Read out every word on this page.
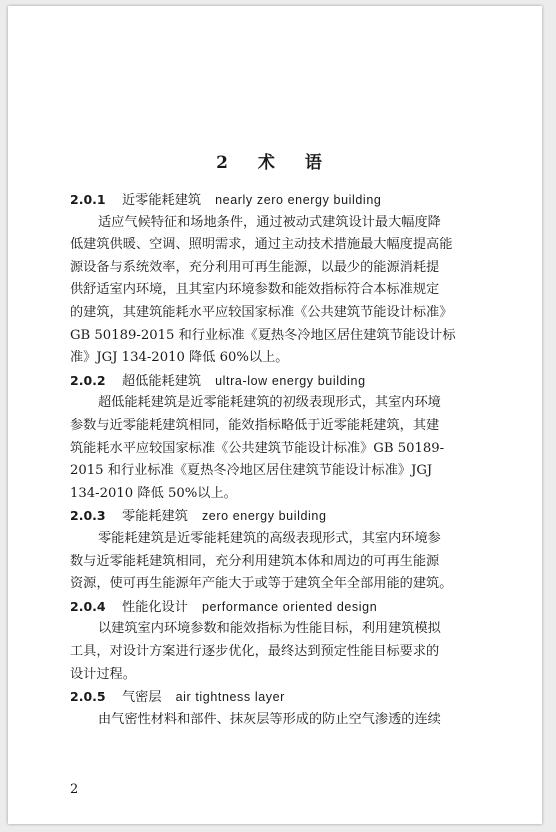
2 术 语
2.0.1 近零能耗建筑 nearly zero energy building
适应气候特征和场地条件，通过被动式建筑设计最大幅度降
低建筑供暖、空调、照明需求，通过主动技术措施最大幅度提高能
源设备与系统效率，充分利用可再生能源，以最少的能源消耗提
供舒适室内环境，且其室内环境参数和能效指标符合本标准规定
的建筑，其建筑能耗水平应较国家标准《公共建筑节能设计标准》
GB 50189-2015 和行业标准《夏热冬冷地区居住建筑节能设计标
准》JGJ 134-2010 降低 60%以上。
2.0.2 超低能耗建筑 ultra-low energy building
超低能耗建筑是近零能耗建筑的初级表现形式，其室内环境
参数与近零能耗建筑相同，能效指标略低于近零能耗建筑，其建
筑能耗水平应较国家标准《公共建筑节能设计标准》GB 50189-
2015 和行业标准《夏热冬冷地区居住建筑节能设计标准》JGJ
134-2010 降低 50%以上。
2.0.3 零能耗建筑 zero energy building
零能耗建筑是近零能耗建筑的高级表现形式，其室内环境参
数与近零能耗建筑相同，充分利用建筑本体和周边的可再生能源
资源，使可再生能源年产能大于或等于建筑全年全部用能的建筑。
2.0.4 性能化设计 performance oriented design
以建筑室内环境参数和能效指标为性能目标，利用建筑模拟
工具，对设计方案进行逐步优化，最终达到预定性能目标要求的
设计过程。
2.0.5 气密层 air tightness layer
由气密性材料和部件、抹灰层等形成的防止空气渗透的连续
2
